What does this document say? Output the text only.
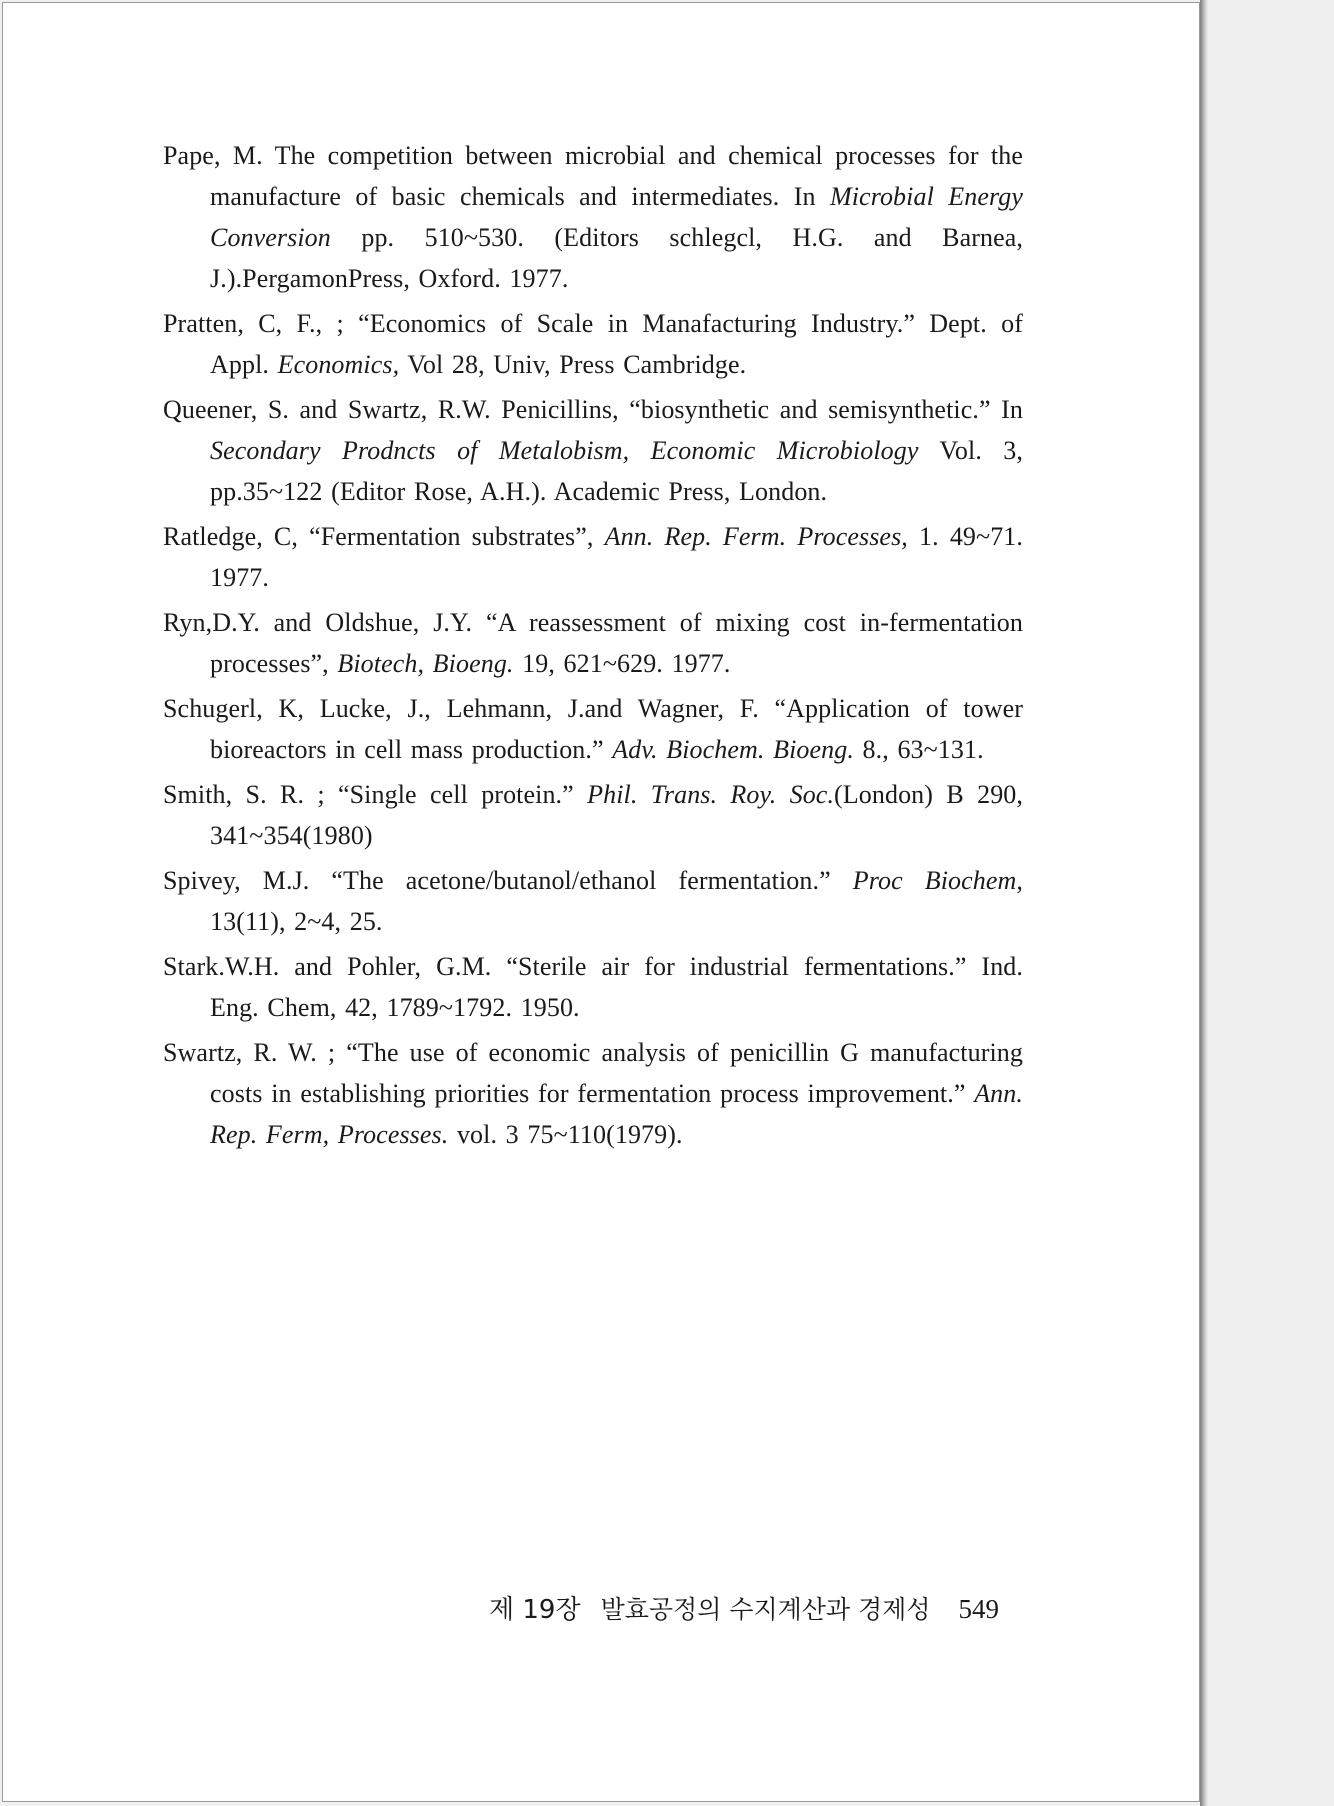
Pape, M. The competition between microbial and chemical processes for the manufacture of basic chemicals and intermediates. In Microbial Energy Conversion pp. 510~530. (Editors schlegcl, H.G. and Barnea, J.).PergamonPress, Oxford. 1977.
Pratten, C, F., ; “Economics of Scale in Manafacturing Industry.” Dept. of Appl. Economics, Vol 28, Univ, Press Cambridge.
Queener, S. and Swartz, R.W. Penicillins, “biosynthetic and semisynthetic.” In Secondary Prodncts of Metalobism, Economic Microbiology Vol. 3, pp.35~122 (Editor Rose, A.H.). Academic Press, London.
Ratledge, C, “Fermentation substrates”, Ann. Rep. Ferm. Processes, 1. 49~71. 1977.
Ryn,D.Y. and Oldshue, J.Y. “A reassessment of mixing cost in-fermentation processes”, Biotech, Bioeng. 19, 621~629. 1977.
Schugerl, K, Lucke, J., Lehmann, J.and Wagner, F. “Application of tower bioreactors in cell mass production.” Adv. Biochem. Bioeng. 8., 63~131.
Smith, S. R. ; “Single cell protein.” Phil. Trans. Roy. Soc.(London) B 290, 341~354(1980)
Spivey, M.J. “The acetone/butanol/ethanol fermentation.” Proc Biochem, 13(11), 2~4, 25.
Stark.W.H. and Pohler, G.M. “Sterile air for industrial fermentations.” Ind. Eng. Chem, 42, 1789~1792. 1950.
Swartz, R. W. ; “The use of economic analysis of penicillin G manufacturing costs in establishing priorities for fermentation process improvement.” Ann. Rep. Ferm, Processes. vol. 3 75~110(1979).
제 19장 발효공정의 수지계산과 경제성 549
